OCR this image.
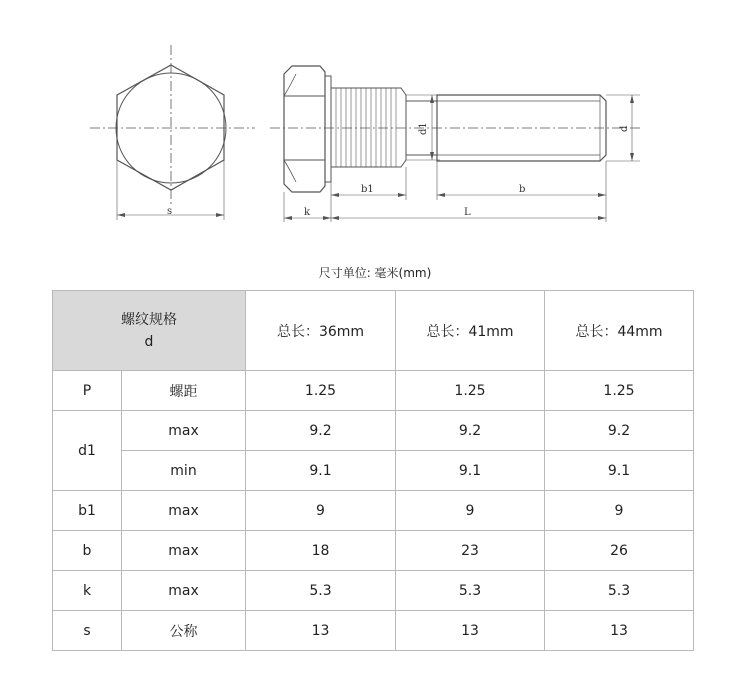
s
b1	b
k	L
d1	d
尺寸单位: 毫米(mm)
螺纹规格
d		总长：36mm	总长：41mm	总长：44mm
P	螺距	1.25	1.25	1.25
d1	max	9.2	9.2	9.2
	min	9.1	9.1	9.1
b1	max	9	9	9
b	max	18	23	26
k	max	5.3	5.3	5.3
s	公称	13	13	13
